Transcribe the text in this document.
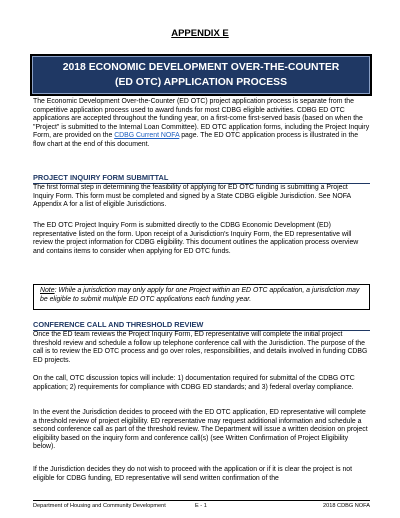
APPENDIX E
2018 ECONOMIC DEVELOPMENT OVER-THE-COUNTER
(ED OTC) APPLICATION PROCESS

The Economic Development Over-the-Counter (ED OTC) project application process is separate from the competitive application process used to award funds for most CDBG eligible activities. CDBG ED OTC applications are accepted throughout the funding year, on a first-come first-served basis (based on when the "Project" is submitted to the Internal Loan Committee). ED OTC application forms, including the Project Inquiry Form, are provided on the CDBG Current NOFA page. The ED OTC application process is illustrated in the flow chart at the end of this document.

PROJECT INQUIRY FORM SUBMITTAL

The first formal step in determining the feasibility of applying for ED OTC funding is submitting a Project Inquiry Form. This form must be completed and signed by a State CDBG eligible Jurisdiction. See NOFA Appendix A for a list of eligible Jurisdictions.

The ED OTC Project Inquiry Form is submitted directly to the CDBG Economic Development (ED) representative listed on the form. Upon receipt of a Jurisdiction's Inquiry Form, the ED representative will review the project information for CDBG eligibility. This document outlines the application process overview and contains items to consider when applying for ED OTC funds.

Note: While a jurisdiction may only apply for one Project within an ED OTC application, a jurisdiction may be eligible to submit multiple ED OTC applications each funding year.
CONFERENCE CALL AND THRESHOLD REVIEW

Once the ED team reviews the Project Inquiry Form, ED representative will complete the initial project threshold review and schedule a follow up telephone conference call with the Jurisdiction. The purpose of the call is to review the ED OTC process and go over roles, responsibilities, and details involved in funding CDBG ED projects.

On the call, OTC discussion topics will include: 1) documentation required for submittal of the CDBG OTC application; 2) requirements for compliance with CDBG ED standards; and 3) federal overlay compliance.

In the event the Jurisdiction decides to proceed with the ED OTC application, ED representative will complete a threshold review of project eligibility. ED representative may request additional information and schedule a second conference call as part of the threshold review. The Department will issue a written decision on project eligibility based on the inquiry form and conference call(s) (see Written Confirmation of Project Eligibility below).

If the Jurisdiction decides they do not wish to proceed with the application or if it is clear the project is not eligible for CDBG funding, ED representative will send written confirmation of the

Department of Housing and Community Development	E - 1	2018 CDBG NOFA
